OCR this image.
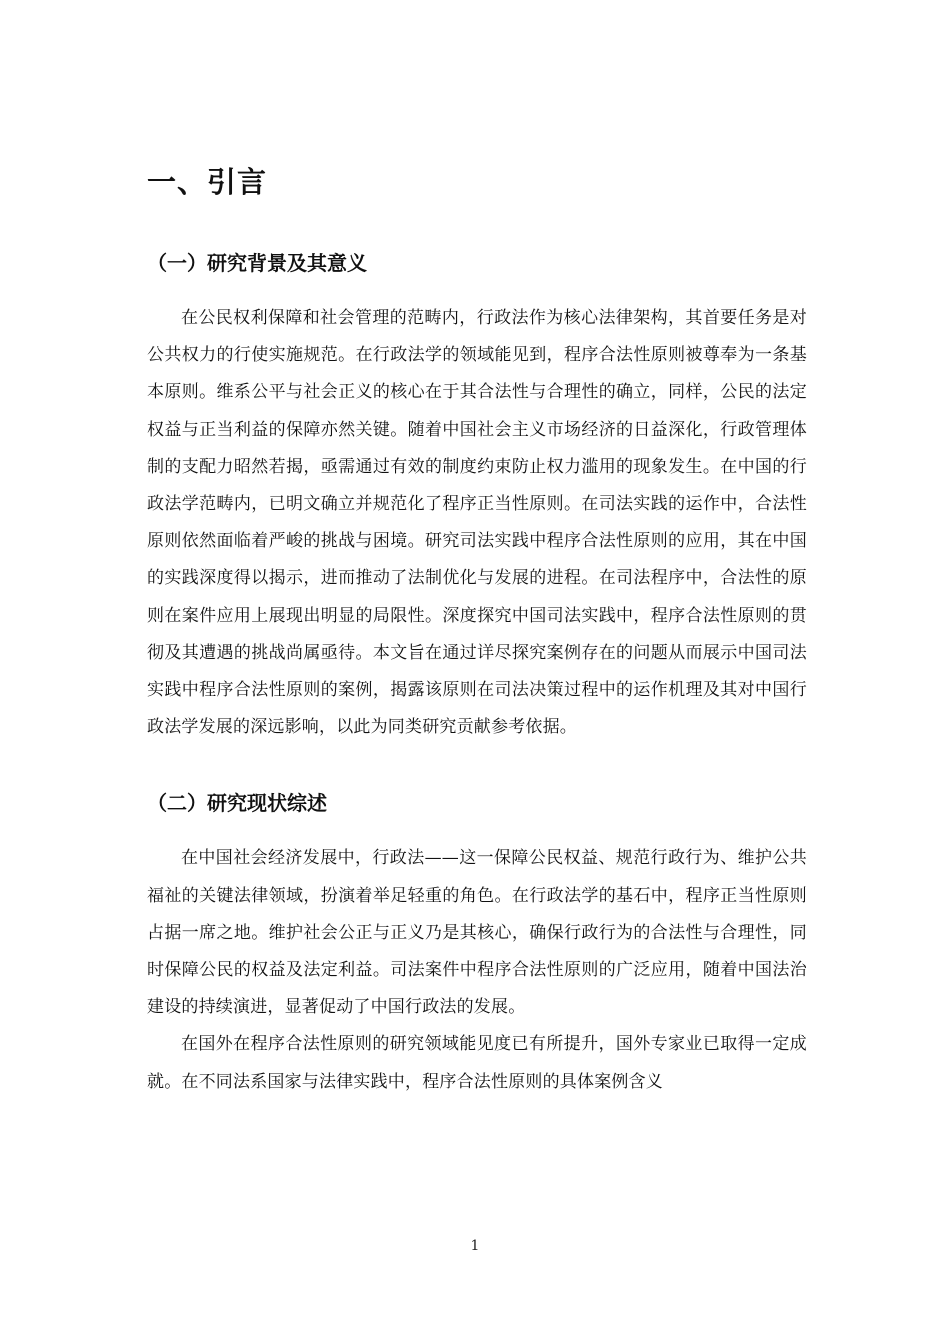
一、引言
（一）研究背景及其意义

在公民权利保障和社会管理的范畴内，行政法作为核心法律架构，其首要任务是对公共权力的行使实施规范。在行政法学的领域能见到，程序合法性原则被尊奉为一条基本原则。维系公平与社会正义的核心在于其合法性与合理性的确立，同样，公民的法定权益与正当利益的保障亦然关键。随着中国社会主义市场经济的日益深化，行政管理体制的支配力昭然若揭，亟需通过有效的制度约束防止权力滥用的现象发生。在中国的行政法学范畴内，已明文确立并规范化了程序正当性原则。在司法实践的运作中，合法性原则依然面临着严峻的挑战与困境。研究司法实践中程序合法性原则的应用，其在中国的实践深度得以揭示，进而推动了法制优化与发展的进程。在司法程序中，合法性的原则在案件应用上展现出明显的局限性。深度探究中国司法实践中，程序合法性原则的贯彻及其遭遇的挑战尚属亟待。本文旨在通过详尽探究案例存在的问题从而展示中国司法实践中程序合法性原则的案例，揭露该原则在司法决策过程中的运作机理及其对中国行政法学发展的深远影响，以此为同类研究贡献参考依据。

（二）研究现状综述

在中国社会经济发展中，行政法——这一保障公民权益、规范行政行为、维护公共福祉的关键法律领域，扮演着举足轻重的角色。在行政法学的基石中，程序正当性原则占据一席之地。维护社会公正与正义乃是其核心，确保行政行为的合法性与合理性，同时保障公民的权益及法定利益。司法案件中程序合法性原则的广泛应用，随着中国法治建设的持续演进，显著促动了中国行政法的发展。

在国外在程序合法性原则的研究领域能见度已有所提升，国外专家业已取得一定成就。在不同法系国家与法律实践中，程序合法性原则的具体案例含义

1
